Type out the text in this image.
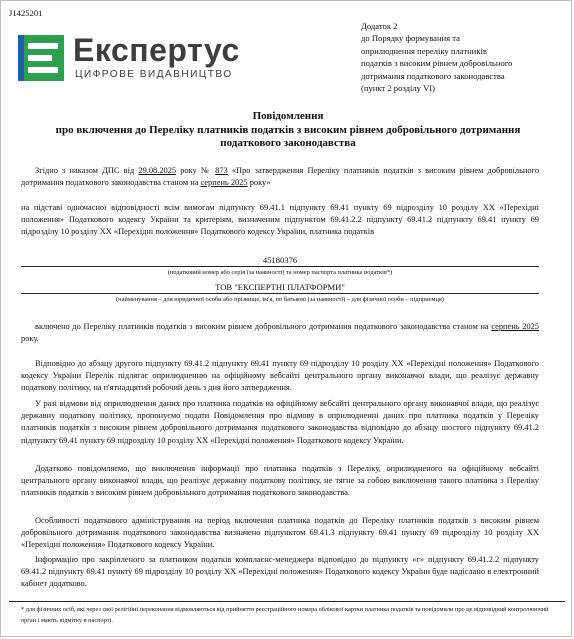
J1425201
Експертус
ЦИФРОВЕ ВИДАВНИЦТВО
Додаток 2
до Порядку формування та
оприлюднення переліку платників
податків з високим рівнем добровільного
дотримання податкового законодавства
(пункт 2 розділу VI)
Повідомлення
про включення до Переліку платників податків з високим рівнем добровільного дотримання
податкового законодавства
Згідно з наказом ДПС від 29.08.2025 року № 873 «Про затвердження Переліку платників податків з високим рівнем добровільного дотримання податкового законодавства станом на серпень 2025 року»
на підставі одночасної відповідності всім вимогам підпункту 69.41.1 підпункту 69.41 пункту 69 підрозділу 10 розділу XX «Перехідні положення» Податкового кодексу України та критеріям, визначеним підпунктом 69.41.2.2 підпункту 69.41.2 підпункту 69.41 пункту 69 підрозділу 10 розділу XX «Перехідні положення» Податкового кодексу України, платника податків
45180376
(податковий номер або серія (за наявності) та номер паспорта платника податків*)
ТОВ "ЕКСПЕРТНІ ПЛАТФОРМИ"
(найменування – для юридичної особи або прізвище, ім'я, по батькові (за наявності) – для фізичної особи – підприємця)
включено до Переліку платників податків з високим рівнем добровільного дотримання податкового законодавства станом на серпень 2025 року.
Відповідно до абзацу другого підпункту 69.41.2 підпункту 69.41 пункту 69 підрозділу 10 розділу XX «Перехідні положення» Податкового кодексу України Перелік підлягає оприлюдненню на офіційному вебсайті центрального органу виконавчої влади, що реалізує державну податкову політику, на п'ятнадцятий робочий день з дня його затвердження.
У разі відмови від оприлюднення даних про платника податків на офіційному вебсайті центрального органу виконавчої влади, що реалізує державну податкову політику, пропонуємо подати Повідомлення про відмову в оприлюдненні даних про платника податків у Переліку платників податків з високим рівнем добровільного дотримання податкового законодавства відповідно до абзацу шостого підпункту 69.41.2 підпункту 69.41 пункту 69 підрозділу 10 розділу XX «Перехідні положення» Податкового кодексу України.
Додатково повідомляємо, що виключення інформації про платника податків з Переліку, оприлюдненого на офіційному вебсайті центрального органу виконавчої влади, що реалізує державну податкову політику, не тягне за собою виключення такого платника з Переліку платників податків з високим рівнем добровільного дотримання податкового законодавства.
Особливості податкового адміністрування на період включення платника податків до Переліку платників податків з високим рівнем добровільного дотримання податкового законодавства визначено підпунктом 69.41.3 підпункту 69.41 пункту 69 підрозділу 10 розділу XX «Перехідні положення» Податкового кодексу України.
Інформацію про закріпленого за платником податків комплаєнс-менеджера відповідно до підпункту «г» підпункту 69.41.2.2 підпункту 69.41.2 підпункту 69.41 пункту 69 підрозділу 10 розділу XX «Перехідні положення» Податкового кодексу України буде надіслано в електронний кабінет додатково.
* для фізичних осіб, які через свої релігійні переконання відмовляються від прийняття реєстраційного номера облікової картки платника податків та повідомили про це відповідний контролюючий орган і мають відмітку в паспорті.
